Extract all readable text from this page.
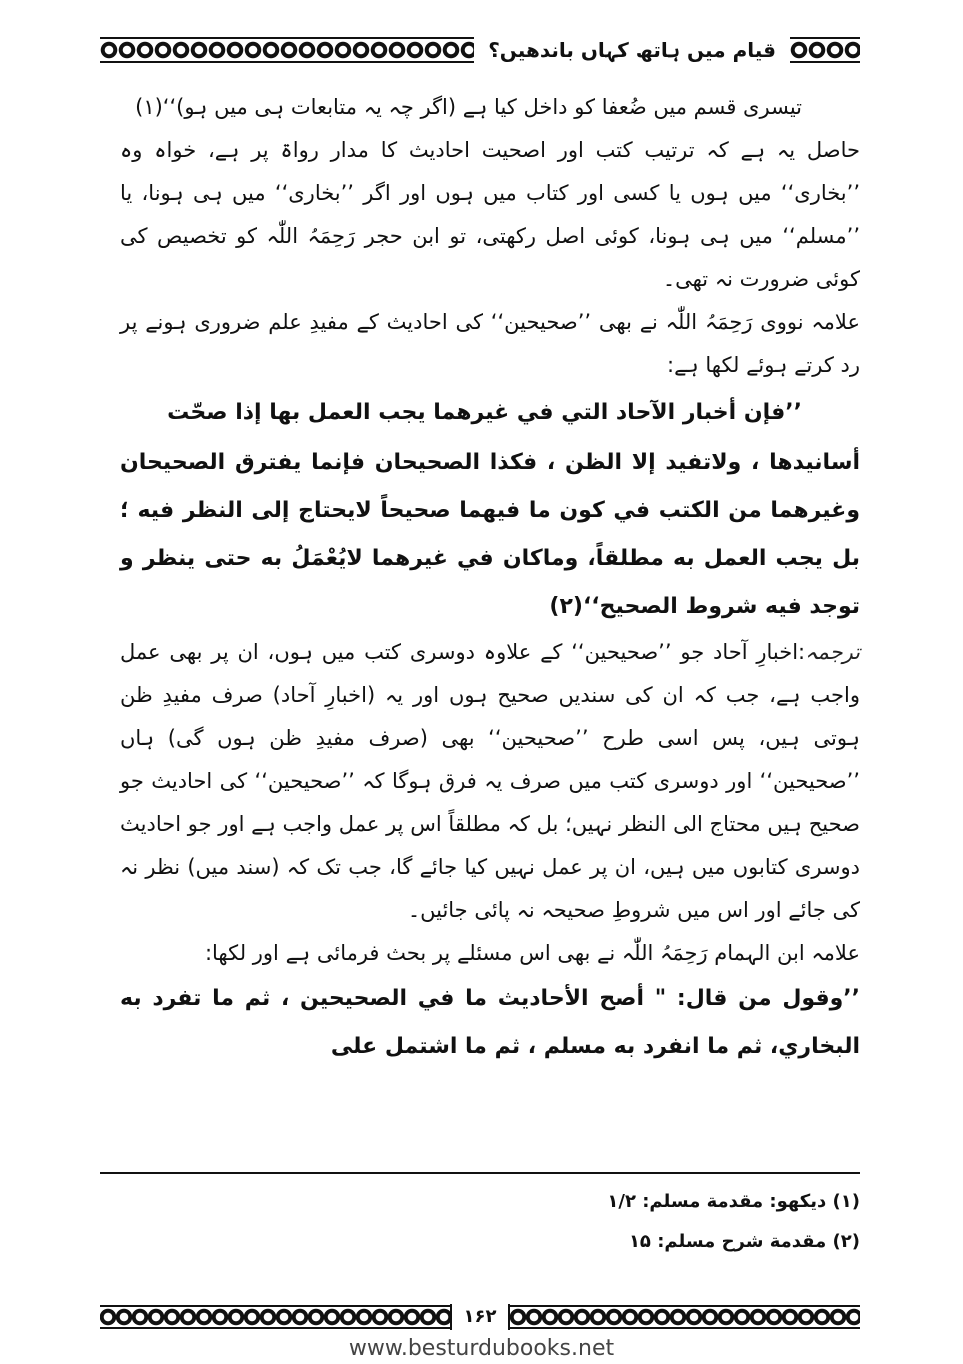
قیام میں ہاتھ کہاں باندھیں؟

تیسری قسم میں ضُعفا کو داخل کیا ہے (اگر چہ یہ متابعات ہی میں ہو)‘‘(۱)

حاصل یہ ہے کہ ترتیب کتب اور اصحیت احادیث کا مدار رواۃ پر ہے، خواہ وہ ’’بخاری‘‘ میں ہوں یا کسی اور کتاب میں ہوں اور اگر ’’بخاری‘‘ میں ہی ہونا، یا ’’مسلم‘‘ میں ہی ہونا، کوئی اصل رکھتی، تو ابن حجر رَحِمَہُ اللّٰہ کو تخصیص کی کوئی ضرورت نہ تھی۔

علامہ نووی رَحِمَہُ اللّٰہ نے بھی ’’صحیحین‘‘ کی احادیث کے مفیدِ علم ضروری ہونے پر رد کرتے ہوئے لکھا ہے:

’’فإن أخبار الآحاد التي في غيرهما يجب العمل بها إذا صحّت

أسانيدها ، ولاتفيد إلا الظن ، فكذا الصحيحان فإنما يفترق الصحيحان وغيرهما من الكتب في كون ما فيهما صحيحاً لايحتاج إلى النظر فيه ؛ بل يجب العمل به مطلقاً، وماكان في غيرهما لايُعْمَلُ به حتى ينظر و توجد فيه شروط الصحيح‘‘(۲)

ترجمہ:اخبارِ آحاد جو ’’صحیحین‘‘ کے علاوہ دوسری کتب میں ہوں، ان پر بھی عمل واجب ہے، جب کہ ان کی سندیں صحیح ہوں اور یہ (اخبارِ آحاد) صرف مفیدِ ظن ہوتی ہیں، پس اسی طرح ’’صحیحین‘‘ بھی (صرف مفیدِ ظن ہوں گی) ہاں ’’صحیحین‘‘ اور دوسری کتب میں صرف یہ فرق ہوگا کہ ’’صحیحین‘‘ کی احادیث جو صحیح ہیں محتاج الی النظر نہیں؛ بل کہ مطلقاً اس پر عمل واجب ہے اور جو احادیث دوسری کتابوں میں ہیں، ان پر عمل نہیں کیا جائے گا، جب تک کہ (سند میں) نظر نہ کی جائے اور اس میں شروطِ صحیحہ نہ پائی جائیں۔

علامہ ابن الہمام رَحِمَہُ اللّٰہ نے بھی اس مسئلے پر بحث فرمائی ہے اور لکھا:

’’وقول من قال: " أصح الأحاديث ما في الصحيحين ، ثم ما تفرد به البخاري، ثم ما انفرد به مسلم ، ثم ما اشتمل على

(۱) دیکھو: مقدمة مسلم: ۱/۲

(۲) مقدمة شرح مسلم: ۱۵

۱۶۲
www.besturdubooks.net
